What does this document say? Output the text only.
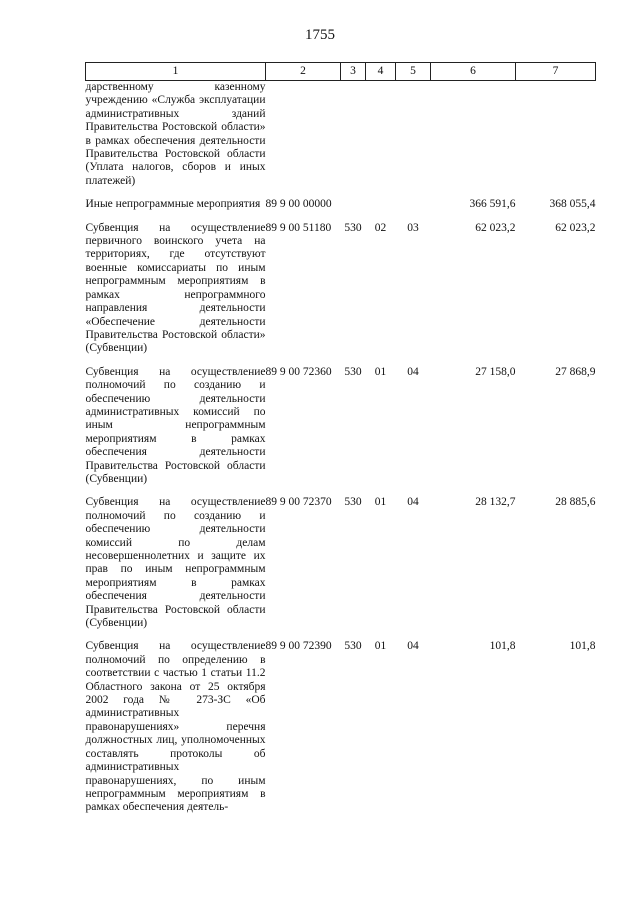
1755
1	2	3	4	5	6	7
дарственному казенному учреждению «Служба эксплуатации административных зданий Правительства Ростовской области» в рамках обеспечения деятельности Правительства Ростовской области (Уплата налогов, сборов и иных платежей)						

Иные непрограммные мероприятия	89 9 00 00000				366 591,6	368 055,4

Субвенция на осуществление первичного воинского учета на территориях, где отсутствуют военные комиссариаты по иным непрограммным мероприятиям в рамках непрограммного направления деятельности «Обеспечение деятельности Правительства Ростовской области» (Субвенции)	89 9 00 51180	530	02	03	62 023,2	62 023,2

Субвенция на осуществление полномочий по созданию и обеспечению деятельности административных комиссий по иным непрограммным мероприятиям в рамках обеспечения деятельности Правительства Ростовской области (Субвенции)	89 9 00 72360	530	01	04	27 158,0	27 868,9

Субвенция на осуществление полномочий по созданию и обеспечению деятельности комиссий по делам несовершеннолетних и защите их прав по иным непрограммным мероприятиям в рамках обеспечения деятельности Правительства Ростовской области (Субвенции)	89 9 00 72370	530	01	04	28 132,7	28 885,6

Субвенция на осуществление полномочий по определению в соответствии с частью 1 статьи 11.2 Областного закона от 25 октября 2002 года № 273-ЗС «Об административных правонарушениях» перечня должностных лиц, уполномоченных составлять протоколы об административных правонарушениях, по иным непрограммным мероприятиям в рамках обеспечения деятель-	89 9 00 72390	530	01	04	101,8	101,8
